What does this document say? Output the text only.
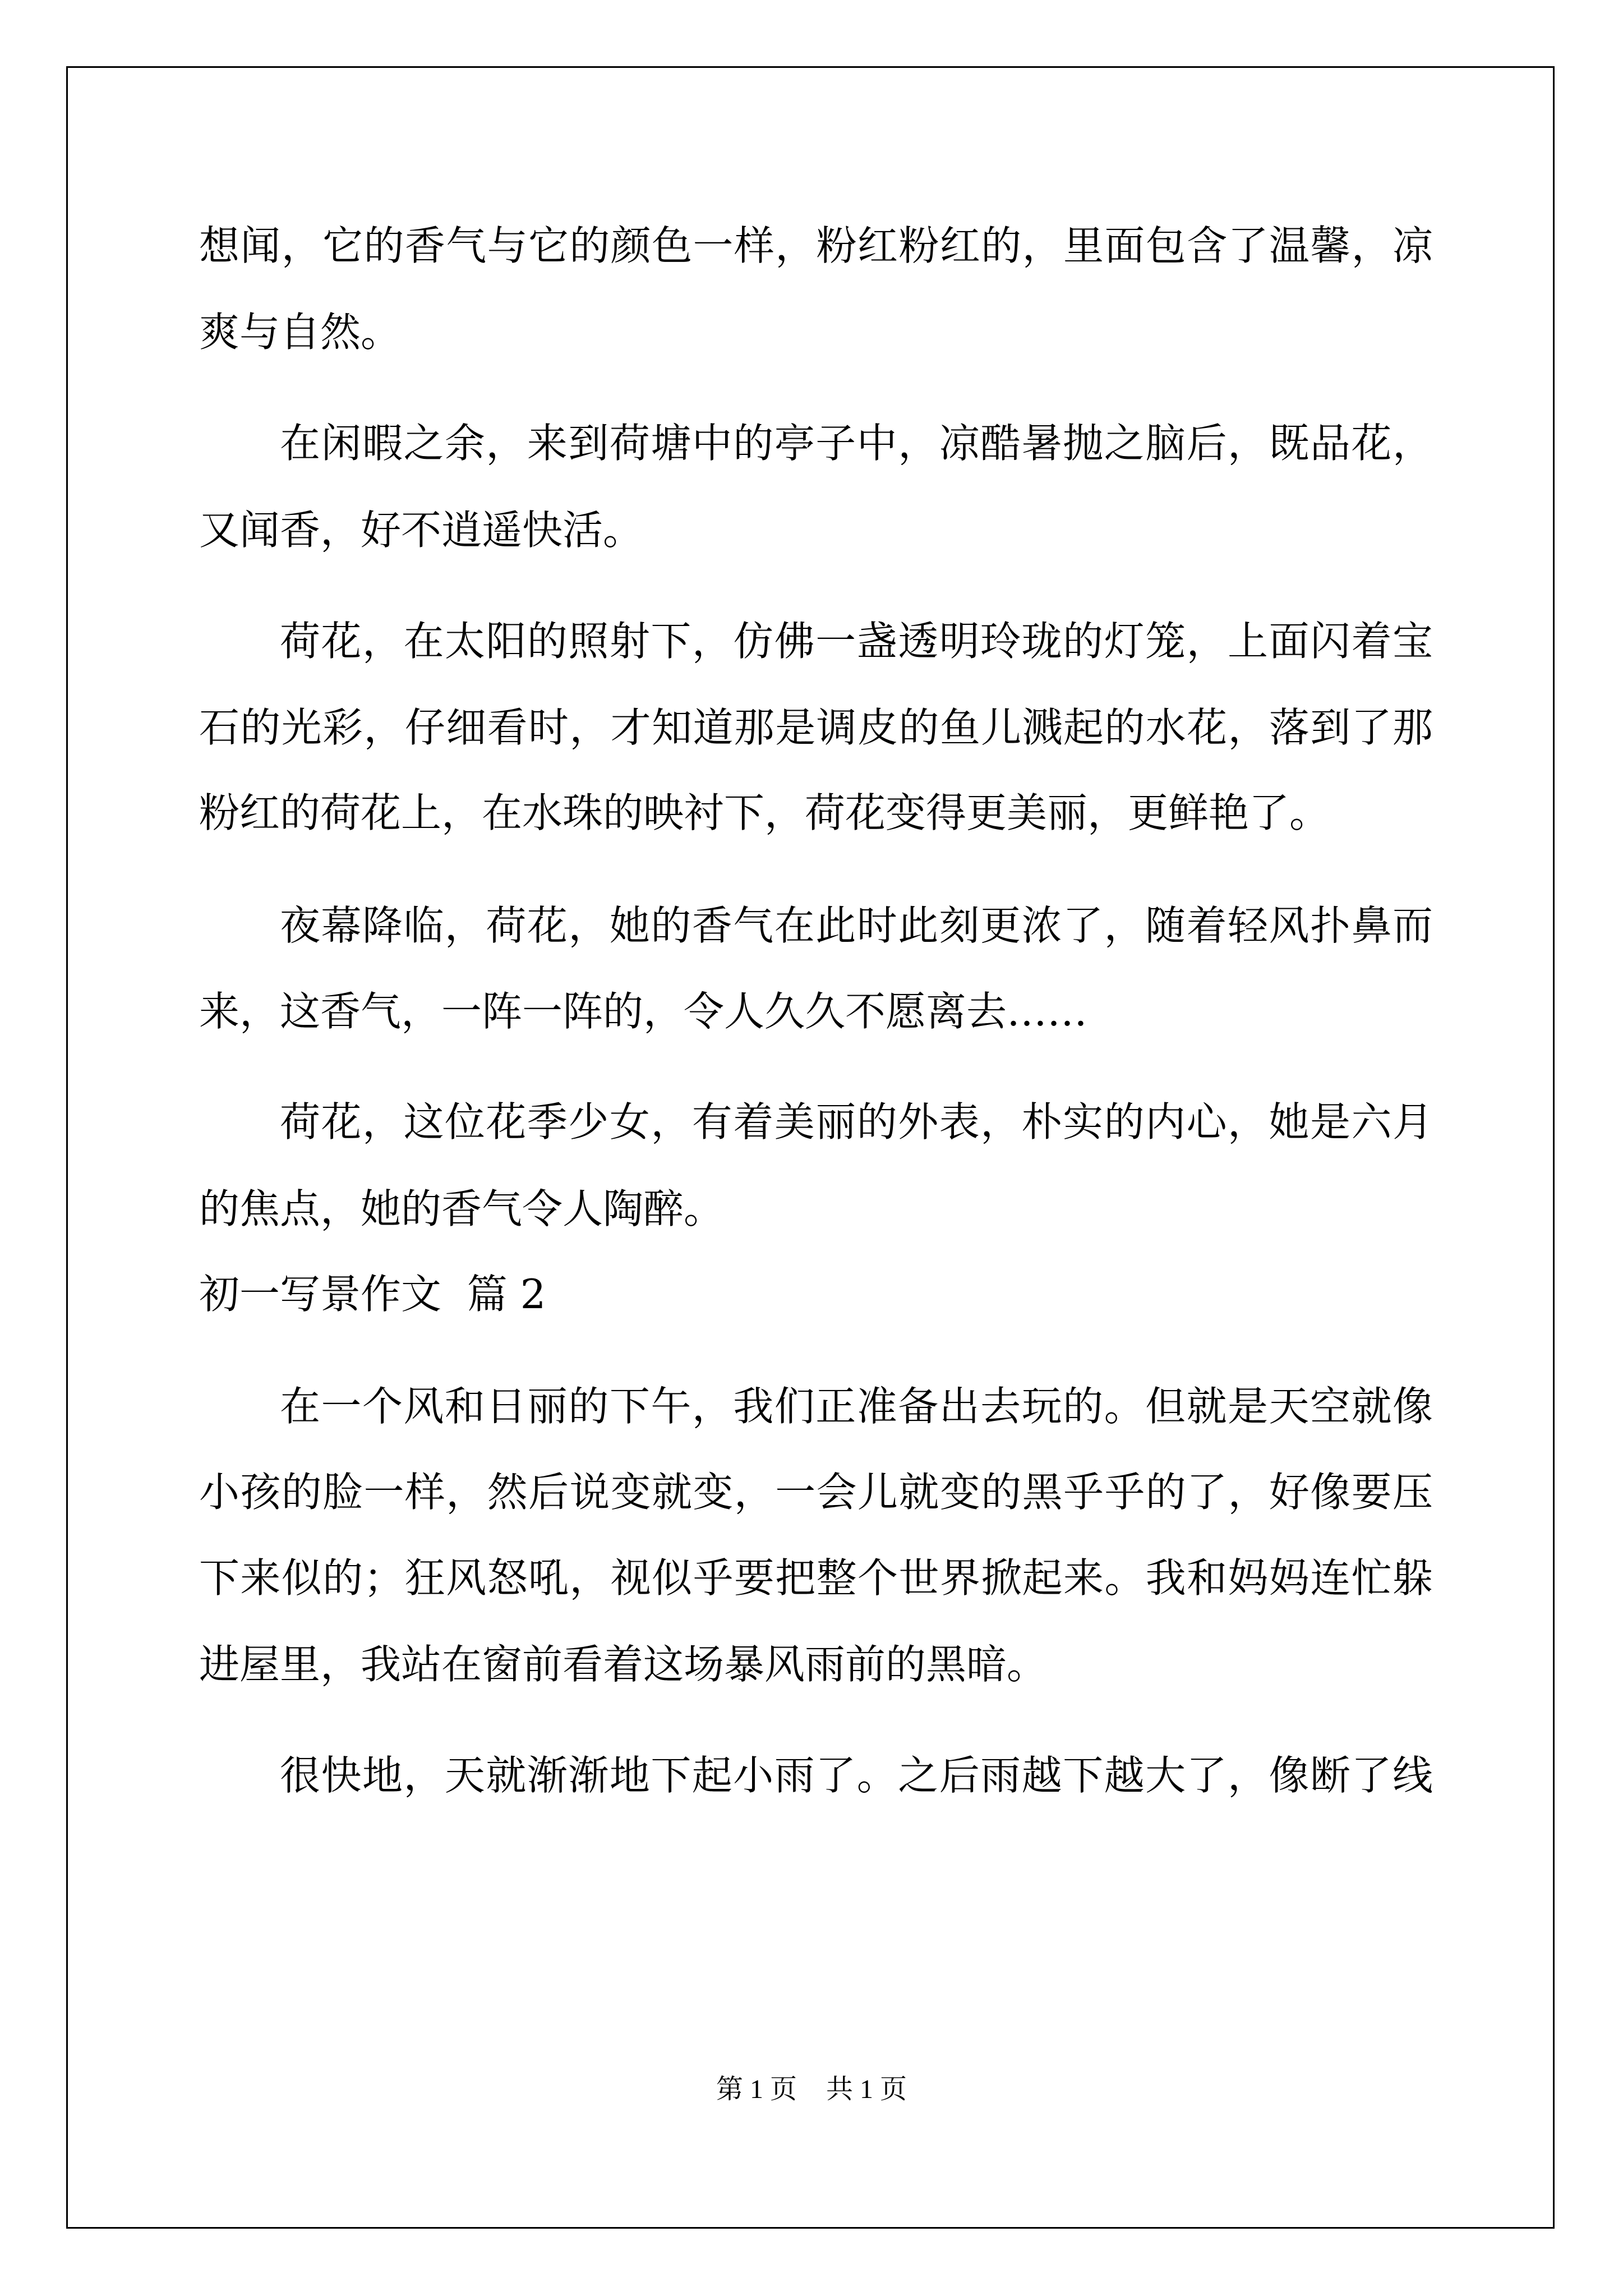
想闻，它的香气与它的颜色一样，粉红粉红的，里面包含了温馨，凉
爽与自然。
在闲暇之余，来到荷塘中的亭子中，凉酷暑抛之脑后，既品花，
又闻香，好不逍遥快活。
荷花，在太阳的照射下，仿佛一盏透明玲珑的灯笼，上面闪着宝
石的光彩，仔细看时，才知道那是调皮的鱼儿溅起的水花，落到了那
粉红的荷花上，在水珠的映衬下，荷花变得更美丽，更鲜艳了。
夜幕降临，荷花，她的香气在此时此刻更浓了，随着轻风扑鼻而
来，这香气，一阵一阵的，令人久久不愿离去……
荷花，这位花季少女，有着美丽的外表，朴实的内心，她是六月
的焦点，她的香气令人陶醉。
初一写景作文  篇 2
在一个风和日丽的下午，我们正准备出去玩的。但就是天空就像
小孩的脸一样，然后说变就变，一会儿就变的黑乎乎的了，好像要压
下来似的；狂风怒吼，视似乎要把整个世界掀起来。我和妈妈连忙躲
进屋里，我站在窗前看着这场暴风雨前的黑暗。
很快地，天就渐渐地下起小雨了。之后雨越下越大了，像断了线
第 1 页 共 1 页
